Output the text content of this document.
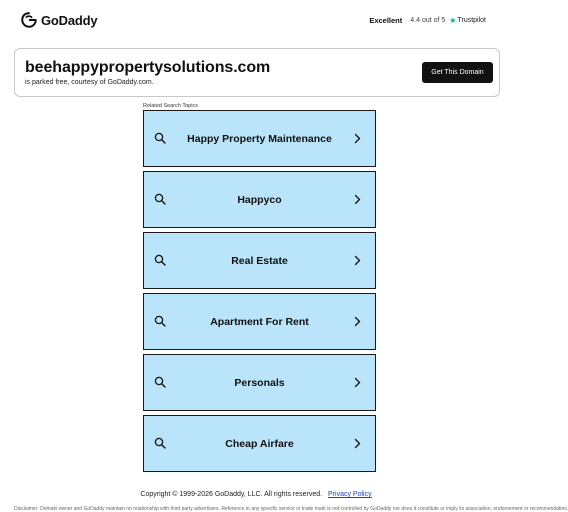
GoDaddy	Excellent 4.4 out of 5 ★ Trustpilot
beehappypropertysolutions.com
is parked free, courtesy of GoDaddy.com.
Get This Domain
Related Search Topics
Happy Property Maintenance
Happyco
Real Estate
Apartment For Rent
Personals
Cheap Airfare
Copyright © 1999-2026 GoDaddy, LLC. All rights reserved. Privacy Policy
Disclaimer: Domain owner and GoDaddy maintain no relationship with third party advertisers. Reference to any specific service or trade mark is not controlled by GoDaddy nor does it constitute or imply its association, endorsement or recommendation.
